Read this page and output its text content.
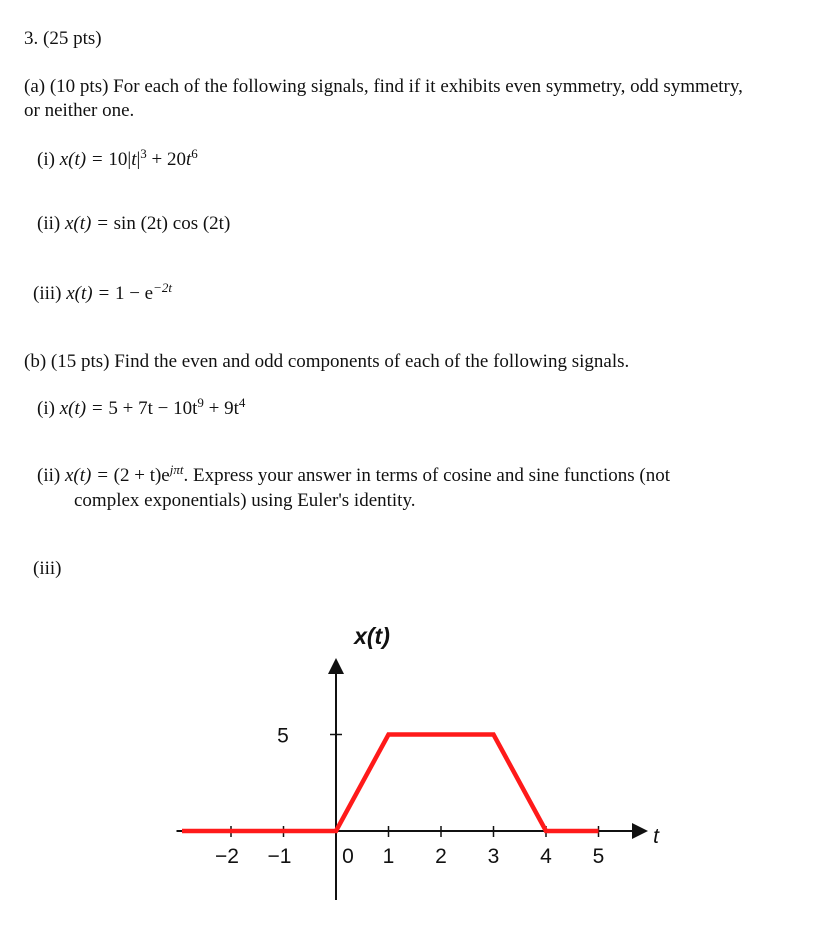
3. (25 pts)
(a) (10 pts) For each of the following signals, find if it exhibits even symmetry, odd symmetry,
or neither one.
(i) $x(t) = 10|t|^3 + 20t^6$
(ii) x(t) = sin (2t) cos (2t)
(iii) $x(t) = 1 - e^{-2t}$
(b) (15 pts) Find the even and odd components of each of the following signals.
(i) $x(t) = 5 + 7t - 10t^9 + 9t^4$
(ii) $x(t) = (2 + t)e^{j\pi t}$. Express your answer in terms of cosine and sine functions (not
complex exponentials) using Euler's identity.
(iii)
−2 −1 0 1 2 3 4 5
5
x(t)
t
